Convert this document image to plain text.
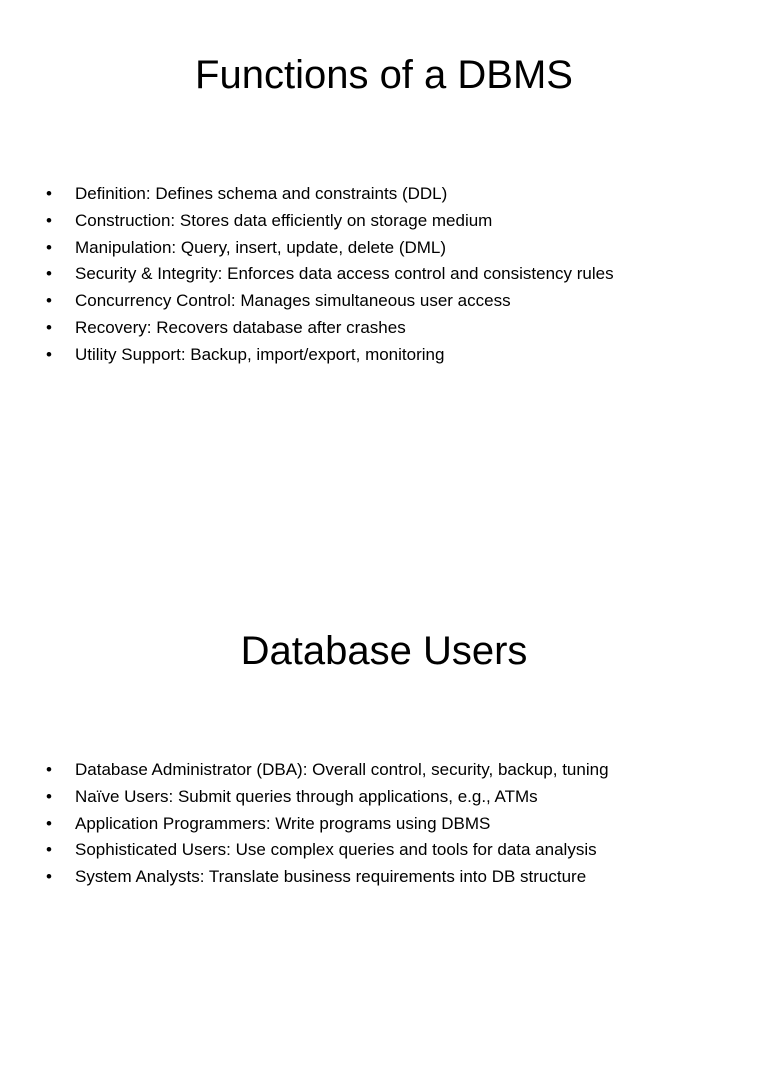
Functions of a DBMS
• Definition: Defines schema and constraints (DDL)
• Construction: Stores data efficiently on storage medium
• Manipulation: Query, insert, update, delete (DML)
• Security & Integrity: Enforces data access control and consistency rules
• Concurrency Control: Manages simultaneous user access
• Recovery: Recovers database after crashes
• Utility Support: Backup, import/export, monitoring
Database Users
• Database Administrator (DBA): Overall control, security, backup, tuning
• Naïve Users: Submit queries through applications, e.g., ATMs
• Application Programmers: Write programs using DBMS
• Sophisticated Users: Use complex queries and tools for data analysis
• System Analysts: Translate business requirements into DB structure
